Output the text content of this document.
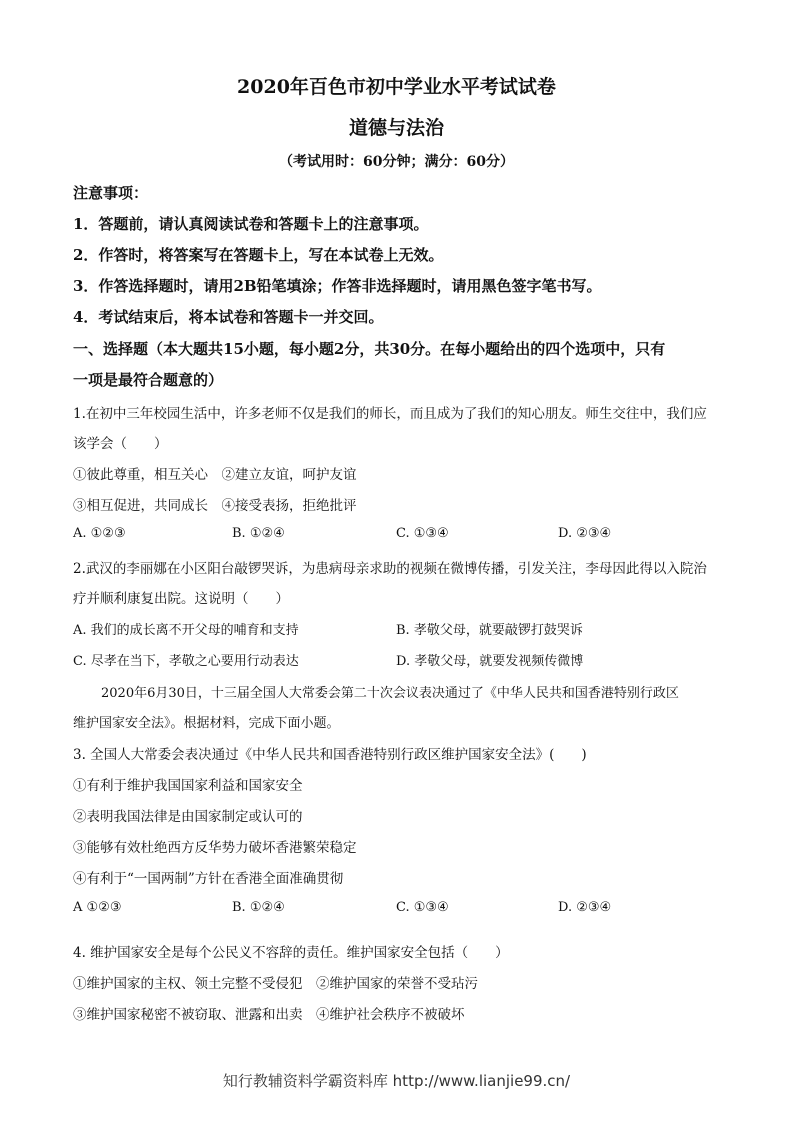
2020年百色市初中学业水平考试试卷
道德与法治
（考试用时：60分钟；满分：60分）
注意事项：
1．答题前，请认真阅读试卷和答题卡上的注意事项。
2．作答时，将答案写在答题卡上，写在本试卷上无效。
3．作答选择题时，请用2B铅笔填涂；作答非选择题时，请用黑色签字笔书写。
4．考试结束后，将本试卷和答题卡一并交回。
一、选择题（本大题共15小题，每小题2分，共30分。在每小题给出的四个选项中，只有
一项是最符合题意的）
1.在初中三年校园生活中，许多老师不仅是我们的师长，而且成为了我们的知心朋友。师生交往中，我们应
该学会（　　）
①彼此尊重，相互关心　②建立友谊，呵护友谊
③相互促进，共同成长　④接受表扬，拒绝批评
A. ①②③	B. ①②④	C. ①③④	D. ②③④
2.武汉的李丽娜在小区阳台敲锣哭诉，为患病母亲求助的视频在微博传播，引发关注，李母因此得以入院治
疗并顺利康复出院。这说明（　　）
A. 我们的成长离不开父母的哺育和支持	B. 孝敬父母，就要敲锣打鼓哭诉
C. 尽孝在当下，孝敬之心要用行动表达	D. 孝敬父母，就要发视频传微博
2020年6月30日，十三届全国人大常委会第二十次会议表决通过了《中华人民共和国香港特别行政区
维护国家安全法》。根据材料，完成下面小题。
3. 全国人大常委会表决通过《中华人民共和国香港特别行政区维护国家安全法》(　　)
①有利于维护我国国家利益和国家安全
②表明我国法律是由国家制定或认可的
③能够有效杜绝西方反华势力破坏香港繁荣稳定
④有利于“一国两制”方针在香港全面准确贯彻
A ①②③	B. ①②④	C. ①③④	D. ②③④
4. 维护国家安全是每个公民义不容辞的责任。维护国家安全包括（　　）
①维护国家的主权、领土完整不受侵犯　②维护国家的荣誉不受玷污
③维护国家秘密不被窃取、泄露和出卖　④维护社会秩序不被破坏
知行教辅资料学霸资料库 http://www.lianjie99.cn/
